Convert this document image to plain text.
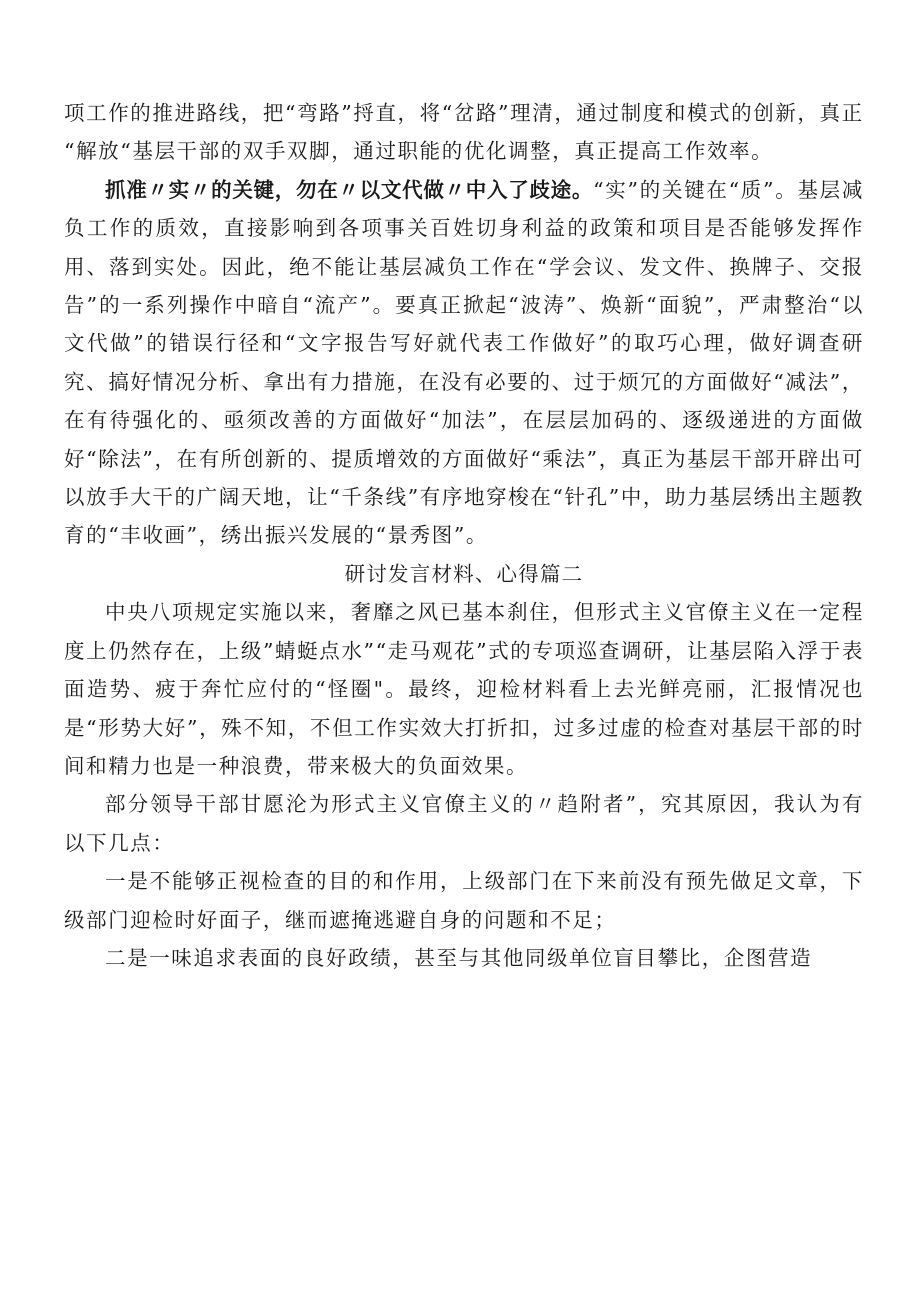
项工作的推进路线，把“弯路”捋直，将“岔路”理清，通过制度和模式的创新，真正

“解放“基层干部的双手双脚，通过职能的优化调整，真正提高工作效率。

抓准〃实〃的关键，勿在〃以文代做〃中入了歧途。“实”的关键在“质”。基层减负工作的质效，直接影响到各项事关百姓切身利益的政策和项目是否能够发挥作用、落到实处。因此，绝不能让基层减负工作在“学会议、发文件、换牌子、交报告”的一系列操作中暗自“流产”。要真正掀起“波涛”、焕新“面貌”，严肃整治“以文代做”的错误行径和“文字报告写好就代表工作做好”的取巧心理，做好调查研究、搞好情况分析、拿出有力措施，在没有必要的、过于烦冗的方面做好“减法”，在有待强化的、亟须改善的方面做好“加法”，在层层加码的、逐级递进的方面做好“除法”，在有所创新的、提质增效的方面做好“乘法”，真正为基层干部开辟出可以放手大干的广阔天地，让“千条线”有序地穿梭在“针孔”中，助力基层绣出主题教育的“丰收画”，绣出振兴发展的“景秀图”。

研讨发言材料、心得篇二

中央八项规定实施以来，奢靡之风已基本刹住，但形式主义官僚主义在一定程度上仍然存在，上级”蜻蜓点水”“走马观花”式的专项巡查调研，让基层陷入浮于表面造势、疲于奔忙应付的“怪圈"。最终，迎检材料看上去光鲜亮丽，汇报情况也是“形势大好”，殊不知，不但工作实效大打折扣，过多过虚的检查对基层干部的时间和精力也是一种浪费，带来极大的负面效果。

部分领导干部甘愿沦为形式主义官僚主义的〃趋附者”，究其原因，我认为有以下几点：

一是不能够正视检查的目的和作用，上级部门在下来前没有预先做足文章，下级部门迎检时好面子，继而遮掩逃避自身的问题和不足；

二是一味追求表面的良好政绩，甚至与其他同级单位盲目攀比，企图营造
